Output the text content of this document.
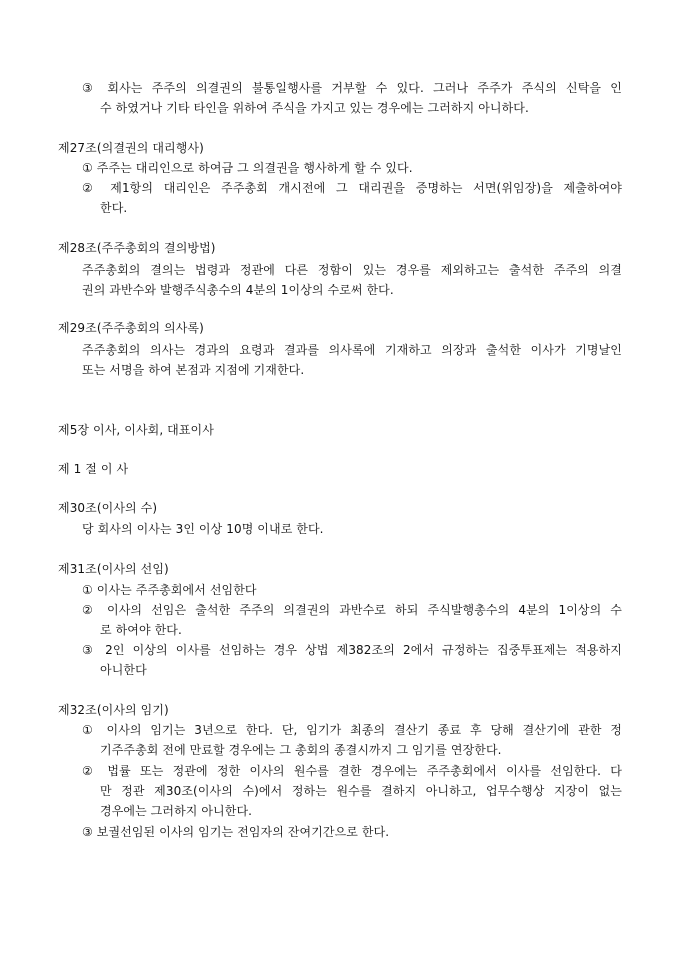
③ 회사는 주주의 의결권의 불통일행사를 거부할 수 있다. 그러나 주주가 주식의 신탁을 인
수 하였거나 기타 타인을 위하여 주식을 가지고 있는 경우에는 그러하지 아니하다.
제27조(의결권의 대리행사)
① 주주는 대리인으로 하여금 그 의결권을 행사하게 할 수 있다.
② 제1항의 대리인은 주주총회 개시전에 그 대리권을 증명하는 서면(위임장)을 제출하여야
한다.
제28조(주주총회의 결의방법)
주주총회의 결의는 법령과 정관에 다른 정함이 있는 경우를 제외하고는 출석한 주주의 의결
권의 과반수와 발행주식총수의 4분의 1이상의 수로써 한다.
제29조(주주총회의 의사록)
주주총회의 의사는 경과의 요령과 결과를 의사록에 기재하고 의장과 출석한 이사가 기명날인
또는 서명을 하여 본점과 지점에 기재한다.
제5장 이사, 이사회, 대표이사
제 1 절 이 사
제30조(이사의 수)
당 회사의 이사는 3인 이상 10명 이내로 한다.
제31조(이사의 선임)
① 이사는 주주총회에서 선임한다
② 이사의 선임은 출석한 주주의 의결권의 과반수로 하되 주식발행총수의 4분의 1이상의 수
로 하여야 한다.
③ 2인 이상의 이사를 선임하는 경우 상법 제382조의 2에서 규정하는 집중투표제는 적용하지
아니한다
제32조(이사의 임기)
① 이사의 임기는 3년으로 한다. 단, 임기가 최종의 결산기 종료 후 당해 결산기에 관한 정
기주주총회 전에 만료할 경우에는 그 총회의 종결시까지 그 임기를 연장한다.
② 법률 또는 정관에 정한 이사의 원수를 결한 경우에는 주주총회에서 이사를 선임한다. 다
만 정관 제30조(이사의 수)에서 정하는 원수를 결하지 아니하고, 업무수행상 지장이 없는
경우에는 그러하지 아니한다.
③ 보궐선임된 이사의 임기는 전임자의 잔여기간으로 한다.
